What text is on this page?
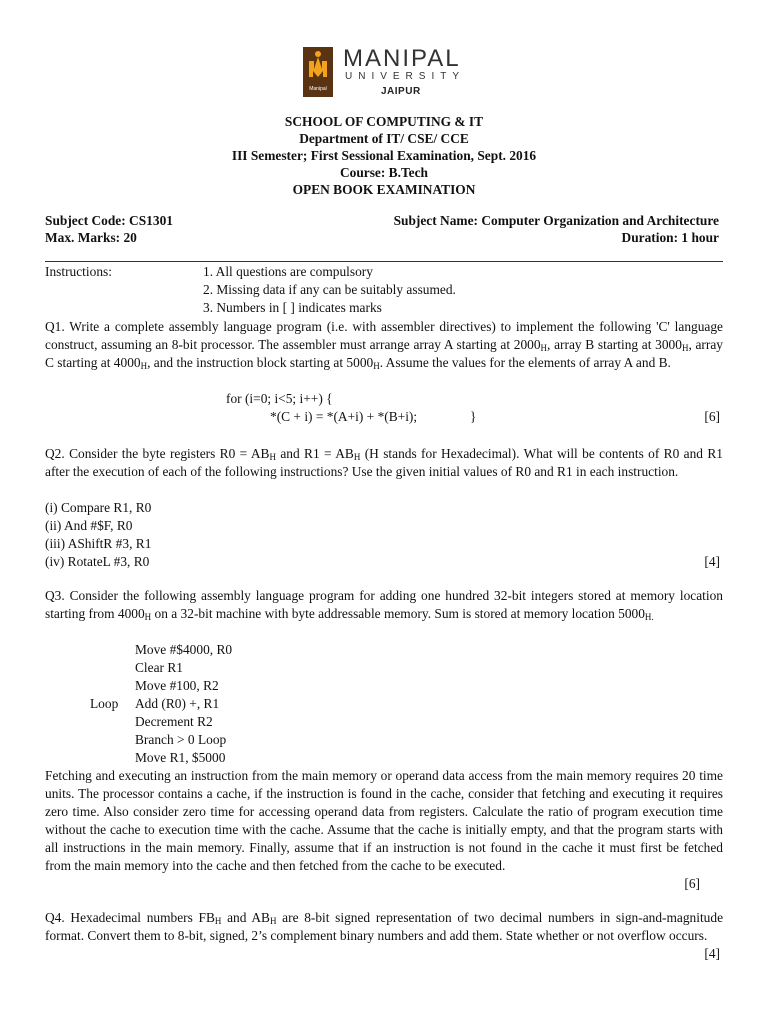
Manipal
MANIPAL
UNIVERSITY
JAIPUR
SCHOOL OF COMPUTING & IT
Department of IT/ CSE/ CCE
III Semester; First Sessional Examination, Sept. 2016
Course: B.Tech
OPEN BOOK EXAMINATION
Subject Code: CS1301	Subject Name: Computer Organization and Architecture
Max. Marks: 20	Duration: 1 hour
Instructions:	1. All questions are compulsory
2. Missing data if any can be suitably assumed.
3. Numbers in [ ] indicates marks
Q1. Write a complete assembly language program (i.e. with assembler directives) to implement the following 'C' language construct, assuming an 8-bit processor. The assembler must arrange array A starting at $2000_H$, array B starting at $3000_H$, array C starting at $4000_H$, and the instruction block starting at $5000_H$. Assume the values for the elements of array A and B.
for (i=0; i<5; i++) {
*(C + i) = *(A+i) + *(B+i);	}	[6]
Q2. Consider the byte registers $R0 = AB_H$ and $R1 = AB_H$ (H stands for Hexadecimal). What will be contents of R0 and R1 after the execution of each of the following instructions? Use the given initial values of R0 and R1 in each instruction.
(i) Compare R1, R0
(ii) And #$F, R0
(iii) AShiftR #3, R1
(iv) RotateL #3, R0	[4]
Q3. Consider the following assembly language program for adding one hundred 32-bit integers stored at memory location starting from $4000_H$ on a 32-bit machine with byte addressable memory. Sum is stored at memory location $5000_{H.}$
Move #$4000, R0
Clear R1
Move #100, R2
Loop Add (R0) +, R1
Decrement R2
Branch > 0 Loop
Move R1, $5000
Fetching and executing an instruction from the main memory or operand data access from the main memory requires 20 time units. The processor contains a cache, if the instruction is found in the cache, consider that fetching and executing it requires zero time. Also consider zero time for accessing operand data from registers. Calculate the ratio of program execution time without the cache to execution time with the cache. Assume that the cache is initially empty, and that the program starts with all instructions in the main memory. Finally, assume that if an instruction is not found in the cache it must first be fetched from the main memory into the cache and then fetched from the cache to be executed.
[6]
Q4. Hexadecimal numbers $FB_H$ and $AB_H$ are 8-bit signed representation of two decimal numbers in sign-and-magnitude format. Convert them to 8-bit, signed, 2’s complement binary numbers and add them. State whether or not overflow occurs.
[4]
